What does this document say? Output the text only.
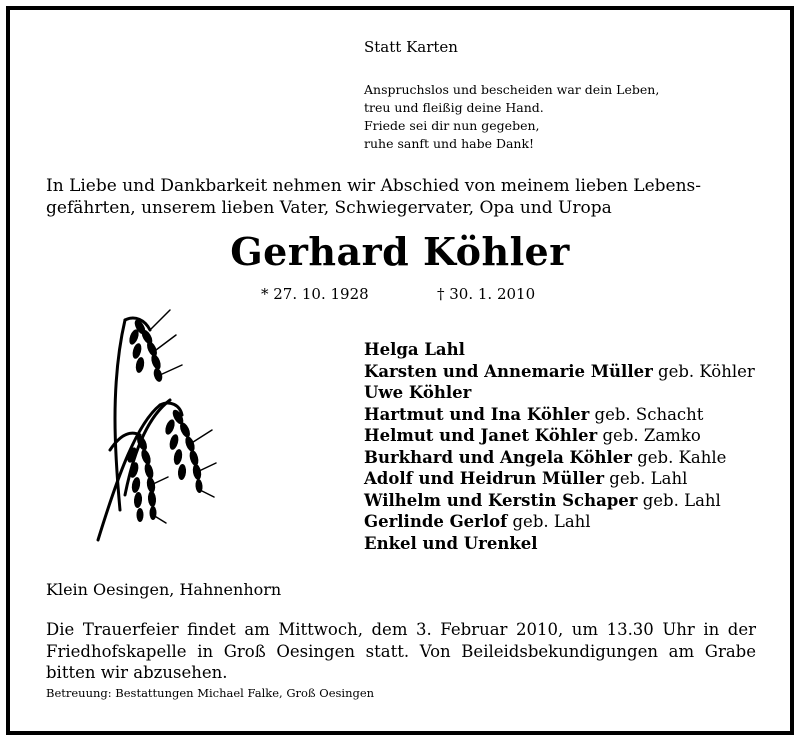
Statt Karten
Anspruchslos und bescheiden war dein Leben,
treu und fleißig deine Hand.
Friede sei dir nun gegeben,
ruhe sanft und habe Dank!
In Liebe und Dankbarkeit nehmen wir Abschied von meinem lieben Lebens-
gefährten, unserem lieben Vater, Schwiegervater, Opa und Uropa
Gerhard Köhler
* 27. 10. 1928	† 30. 1. 2010
Helga Lahl
Karsten und Annemarie Müller geb. Köhler
Uwe Köhler
Hartmut und Ina Köhler geb. Schacht
Helmut und Janet Köhler geb. Zamko
Burkhard und Angela Köhler geb. Kahle
Adolf und Heidrun Müller geb. Lahl
Wilhelm und Kerstin Schaper geb. Lahl
Gerlinde Gerlof geb. Lahl
Enkel und Urenkel
Klein Oesingen, Hahnenhorn
Die Trauerfeier findet am Mittwoch, dem 3. Februar 2010, um 13.30 Uhr in der Friedhofskapelle in Groß Oesingen statt. Von Beileidsbekundigungen am Grabe bitten wir abzusehen.
Betreuung: Bestattungen Michael Falke, Groß Oesingen
